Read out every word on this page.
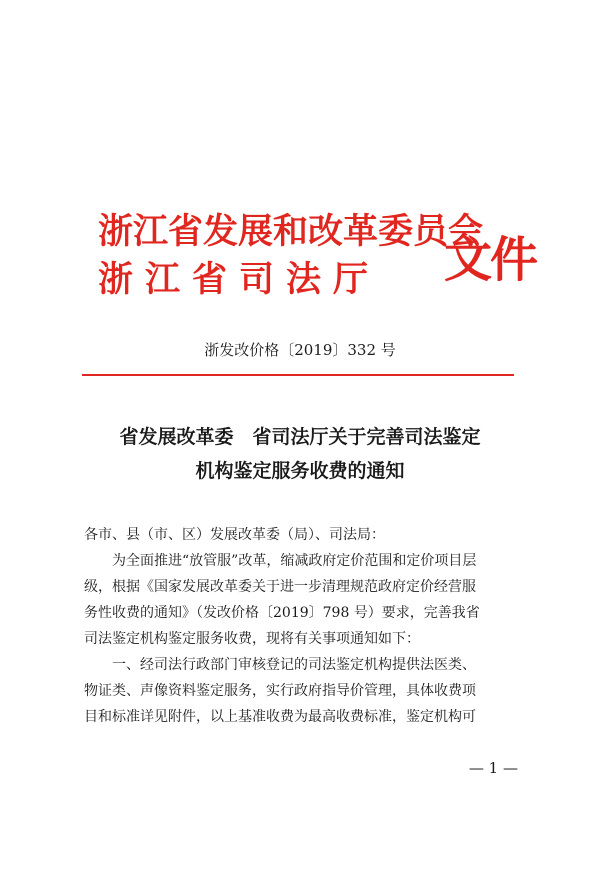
浙江省发展和改革委员会
浙江省司法厅 文件
浙发改价格〔2019〕332 号
省发展改革委　省司法厅关于完善司法鉴定
机构鉴定服务收费的通知

各市、县（市、区）发展改革委（局）、司法局：

为全面推进“放管服”改革，缩减政府定价范围和定价项目层

级，根据《国家发展改革委关于进一步清理规范政府定价经营服

务性收费的通知》（发改价格〔2019〕798 号）要求，完善我省

司法鉴定机构鉴定服务收费，现将有关事项通知如下：

一、经司法行政部门审核登记的司法鉴定机构提供法医类、

物证类、声像资料鉴定服务，实行政府指导价管理，具体收费项

目和标准详见附件，以上基准收费为最高收费标准，鉴定机构可

— 1 —
